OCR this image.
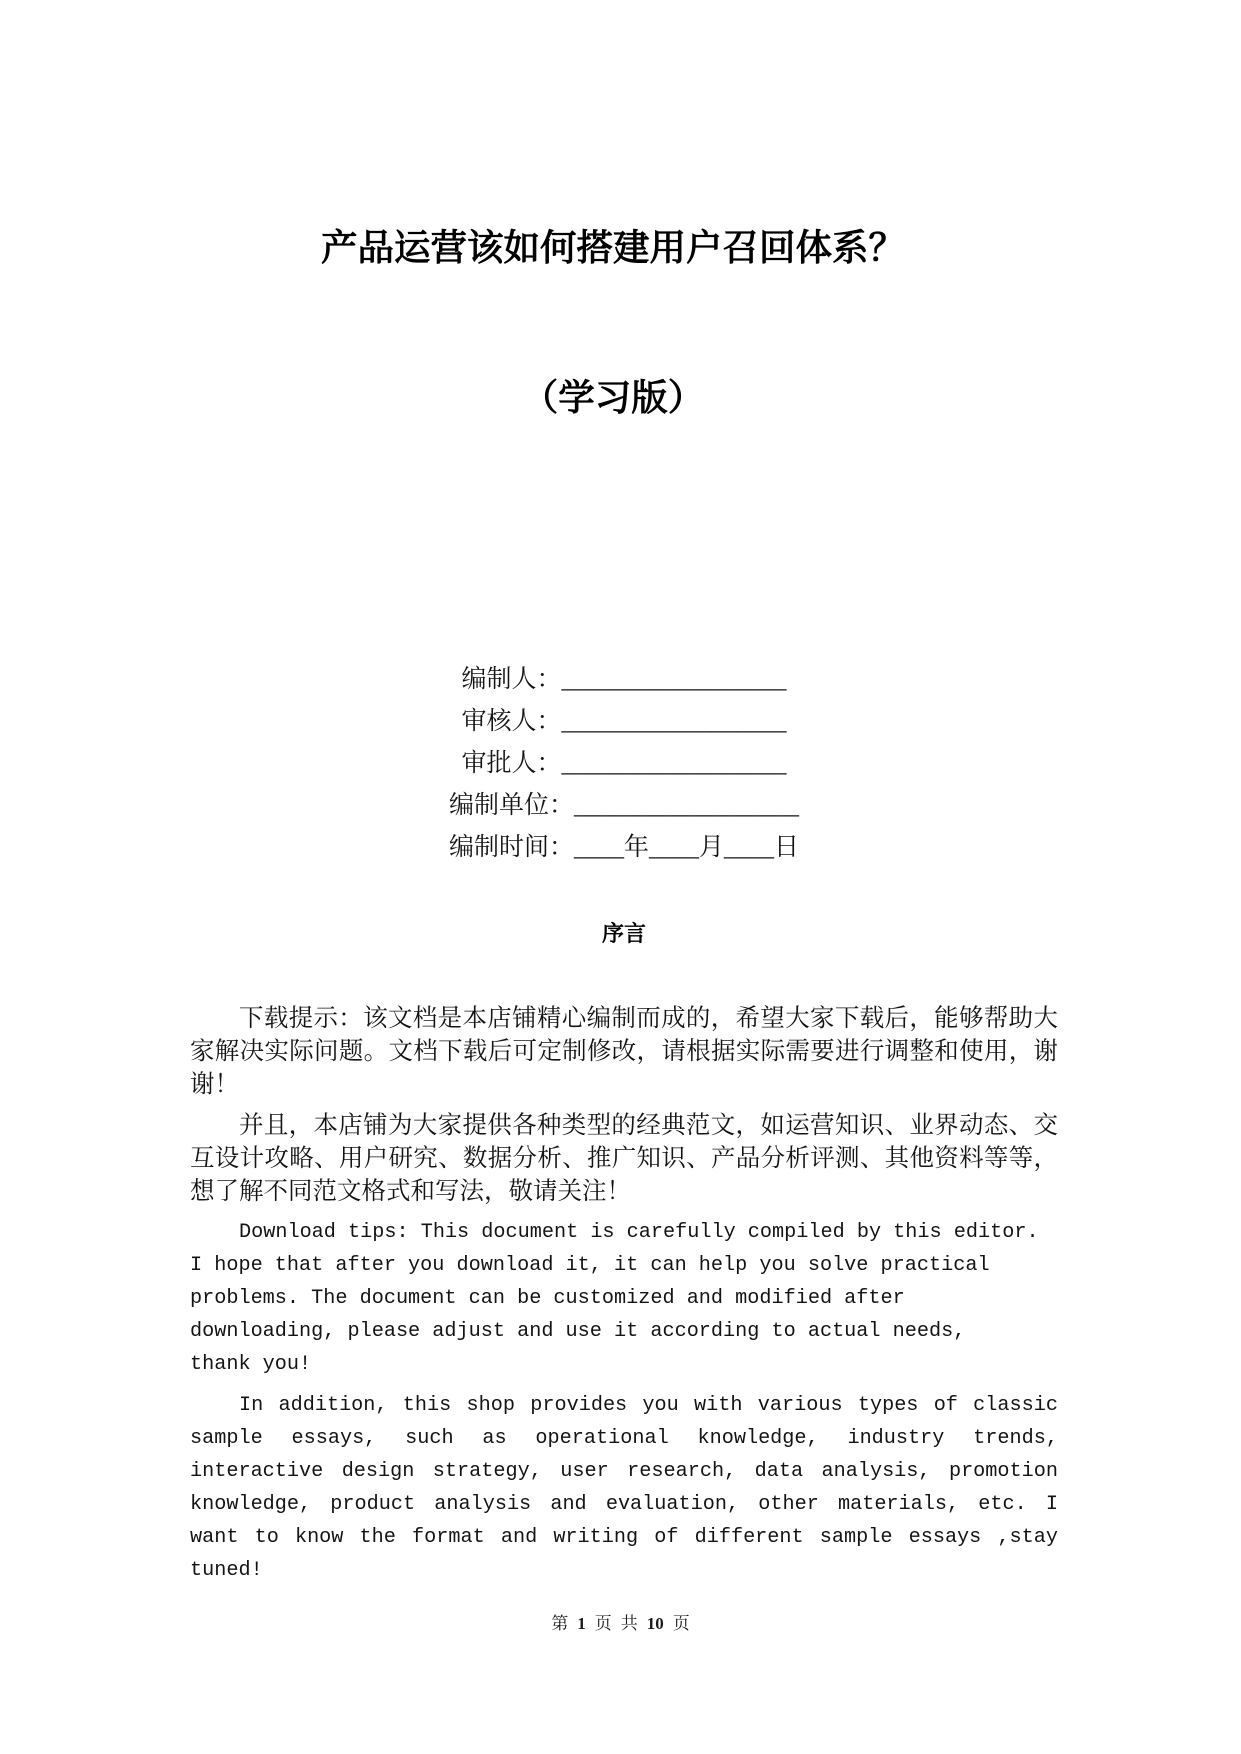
产品运营该如何搭建用户召回体系？
（学习版）
编制人：__________________
审核人：__________________
审批人：__________________
编制单位：__________________
编制时间：____年____月____日
序言
下载提示：该文档是本店铺精心编制而成的，希望大家下载后，能够帮助大
家解决实际问题。文档下载后可定制修改，请根据实际需要进行调整和使用，谢
谢！
并且，本店铺为大家提供各种类型的经典范文，如运营知识、业界动态、交
互设计攻略、用户研究、数据分析、推广知识、产品分析评测、其他资料等等，
想了解不同范文格式和写法，敬请关注！
Download tips: This document is carefully compiled by this editor.
I hope that after you download it, it can help you solve practical
problems. The document can be customized and modified after
downloading, please adjust and use it according to actual needs,
thank you!
In addition, this shop provides you with various types of classic
sample essays, such as operational knowledge, industry trends,
interactive design strategy, user research, data analysis, promotion
knowledge, product analysis and evaluation, other materials, etc. I
want to know the format and writing of different sample essays ,stay
tuned!
第 1 页 共 10 页
